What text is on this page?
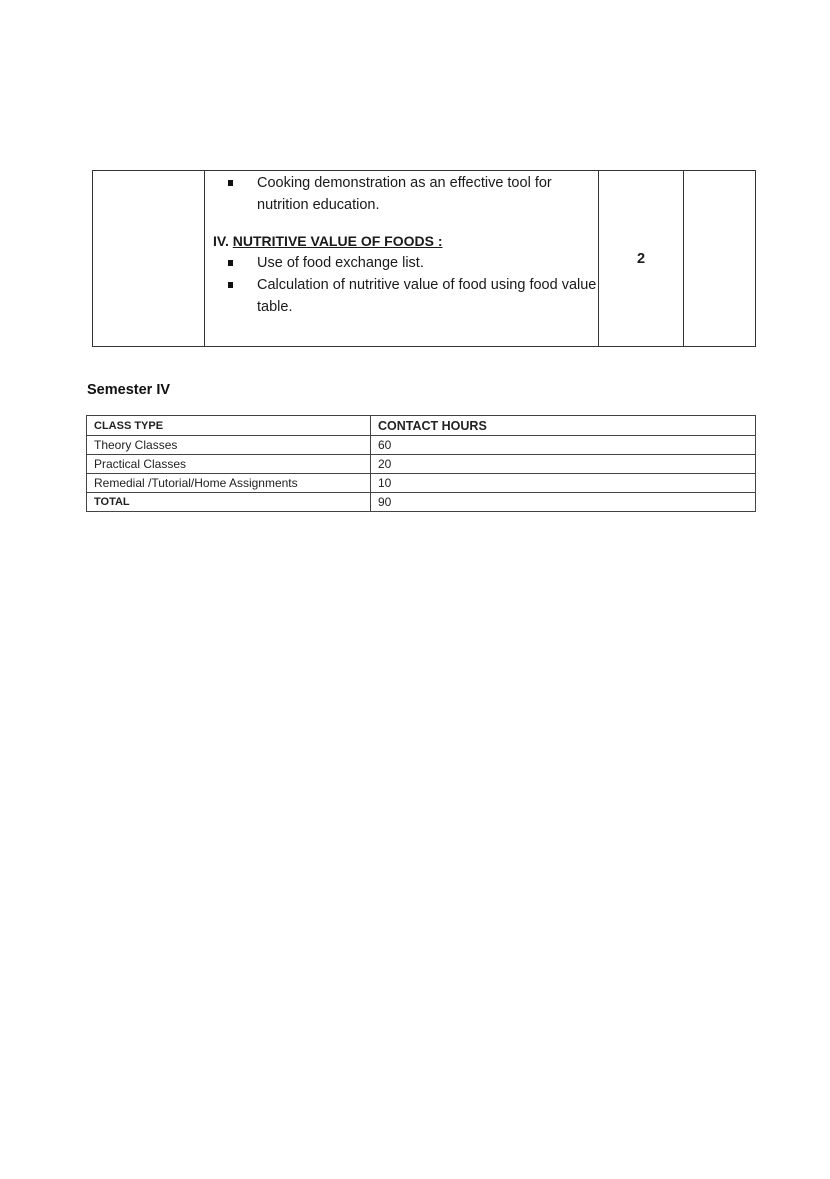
Cooking demonstration as an effective tool for nutrition education.
IV. NUTRITIVE VALUE OF FOODS :
Use of food exchange list.
Calculation of nutritive value of food using food value table.
	2	
Semester IV
CLASS TYPE	CONTACT HOURS
Theory Classes	60
Practical Classes	20
Remedial /Tutorial/Home Assignments	10
TOTAL	90
